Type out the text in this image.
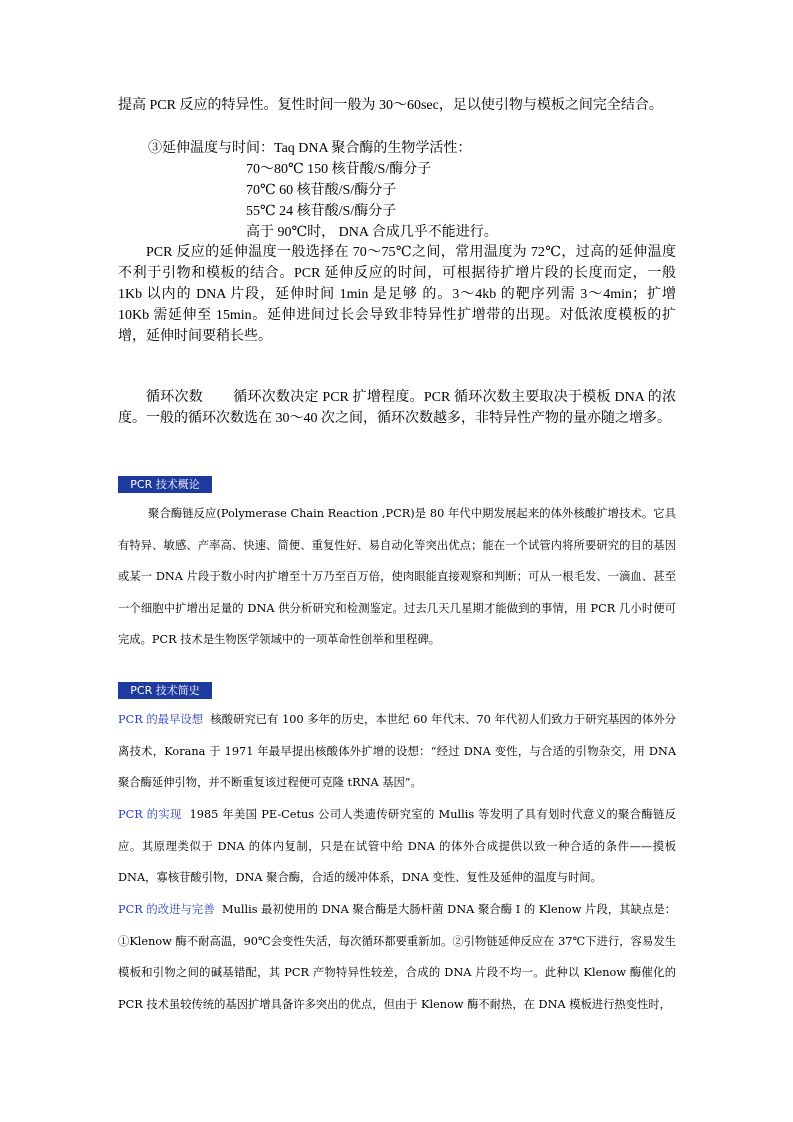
提高 PCR 反应的特异性。复性时间一般为 30～60sec，足以使引物与模板之间完全结合。
③延伸温度与时间：Taq DNA 聚合酶的生物学活性：
70～80℃ 150 核苷酸/S/酶分子
70℃ 60 核苷酸/S/酶分子
55℃ 24 核苷酸/S/酶分子
高于 90℃时， DNA 合成几乎不能进行。
PCR 反应的延伸温度一般选择在 70～75℃之间，常用温度为 72℃，过高的延伸温度不利于引物和模板的结合。PCR 延伸反应的时间，可根据待扩增片段的长度而定，一般 1Kb 以内的 DNA 片段，延伸时间 1min 是足够 的。3～4kb 的靶序列需 3～4min；扩增 10Kb 需延伸至 15min。延伸进间过长会导致非特异性扩增带的出现。对低浓度模板的扩增，延伸时间要稍长些。
循环次数 循环次数决定 PCR 扩增程度。PCR 循环次数主要取决于模板 DNA 的浓度。一般的循环次数选在 30～40 次之间，循环次数越多，非特异性产物的量亦随之增多。
PCR 技术概论
聚合酶链反应(Polymerase Chain Reaction ,PCR)是 80 年代中期发展起来的体外核酸扩增技术。它具有特异、敏感、产率高、快速、简便、重复性好、易自动化等突出优点；能在一个试管内将所要研究的目的基因或某一 DNA 片段于数小时内扩增至十万乃至百万倍，使肉眼能直接观察和判断；可从一根毛发、一滴血、甚至一个细胞中扩增出足量的 DNA 供分析研究和检测鉴定。过去几天几星期才能做到的事情，用 PCR 几小时便可完成。PCR 技术是生物医学领域中的一项革命性创举和里程碑。
PCR 技术简史
PCR 的最早设想 核酸研究已有 100 多年的历史，本世纪 60 年代末、70 年代初人们致力于研究基因的体外分离技术，Korana 于 1971 年最早提出核酸体外扩增的设想：“经过 DNA 变性，与合适的引物杂交，用 DNA 聚合酶延伸引物，并不断重复该过程便可克隆 tRNA 基因”。
PCR 的实现 1985 年美国 PE-Cetus 公司人类遗传研究室的 Mullis 等发明了具有划时代意义的聚合酶链反应。其原理类似于 DNA 的体内复制，只是在试管中给 DNA 的体外合成提供以致一种合适的条件——摸板 DNA，寡核苷酸引物，DNA 聚合酶，合适的缓冲体系，DNA 变性、复性及延伸的温度与时间。
PCR 的改进与完善 Mullis 最初使用的 DNA 聚合酶是大肠杆菌 DNA 聚合酶 I 的 Klenow 片段，其缺点是：①Klenow 酶不耐高温，90℃会变性失活，每次循环都要重新加。②引物链延伸反应在 37℃下进行，容易发生模板和引物之间的碱基错配，其 PCR 产物特异性较差，合成的 DNA 片段不均一。此种以 Klenow 酶催化的 PCR 技术虽较传统的基因扩增具备许多突出的优点，但由于 Klenow 酶不耐热，在 DNA 模板进行热变性时，
